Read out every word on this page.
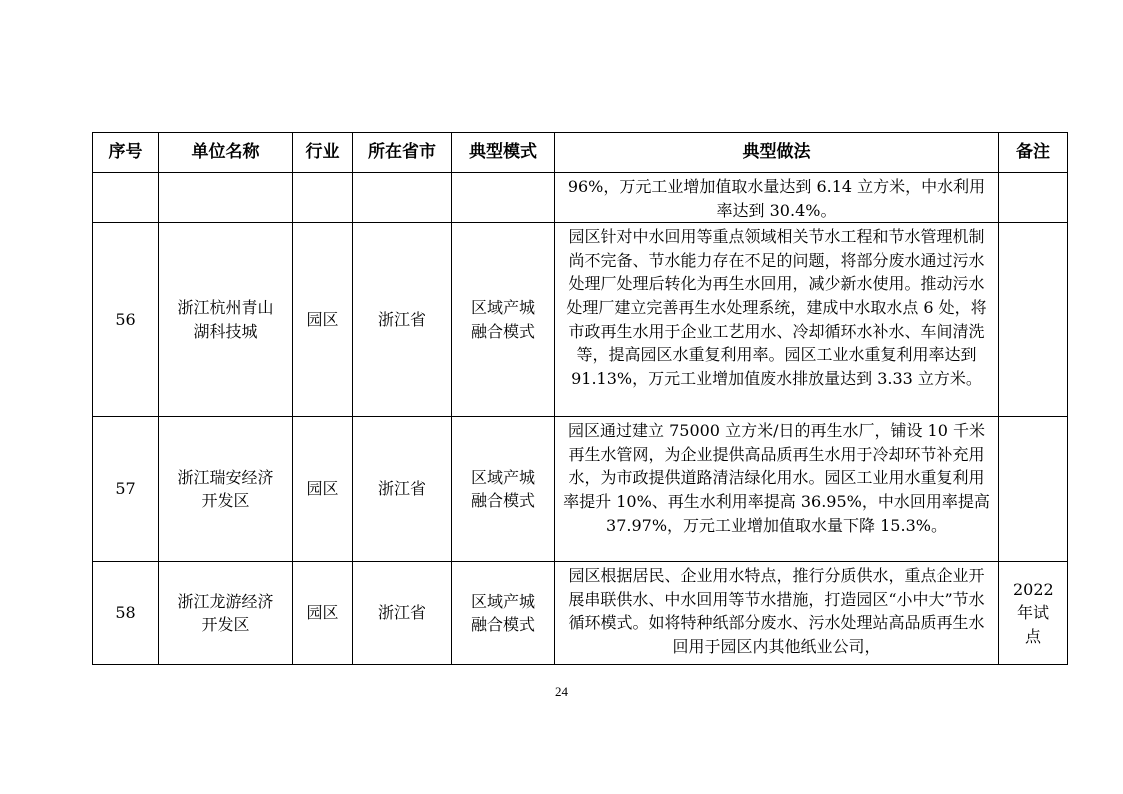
序号	单位名称	行业	所在省市	典型模式	典型做法	备注
					96%，万元工业增加值取水量达到 6.14 立方米，中水利用率达到 30.4%。	
56	浙江杭州青山湖科技城	园区	浙江省	区域产城融合模式	园区针对中水回用等重点领域相关节水工程和节水管理机制尚不完备、节水能力存在不足的问题，将部分废水通过污水处理厂处理后转化为再生水回用，减少新水使用。推动污水处理厂建立完善再生水处理系统，建成中水取水点 6 处，将市政再生水用于企业工艺用水、冷却循环水补水、车间清洗等，提高园区水重复利用率。园区工业水重复利用率达到 91.13%，万元工业增加值废水排放量达到 3.33 立方米。	
57	浙江瑞安经济开发区	园区	浙江省	区域产城融合模式	园区通过建立 75000 立方米/日的再生水厂，铺设 10 千米再生水管网，为企业提供高品质再生水用于冷却环节补充用水，为市政提供道路清洁绿化用水。园区工业用水重复利用率提升 10%、再生水利用率提高 36.95%，中水回用率提高 37.97%，万元工业增加值取水量下降 15.3%。	
58	浙江龙游经济开发区	园区	浙江省	区域产城融合模式	园区根据居民、企业用水特点，推行分质供水，重点企业开展串联供水、中水回用等节水措施，打造园区“小中大”节水循环模式。如将特种纸部分废水、污水处理站高品质再生水回用于园区内其他纸业公司，	2022年试点
24
